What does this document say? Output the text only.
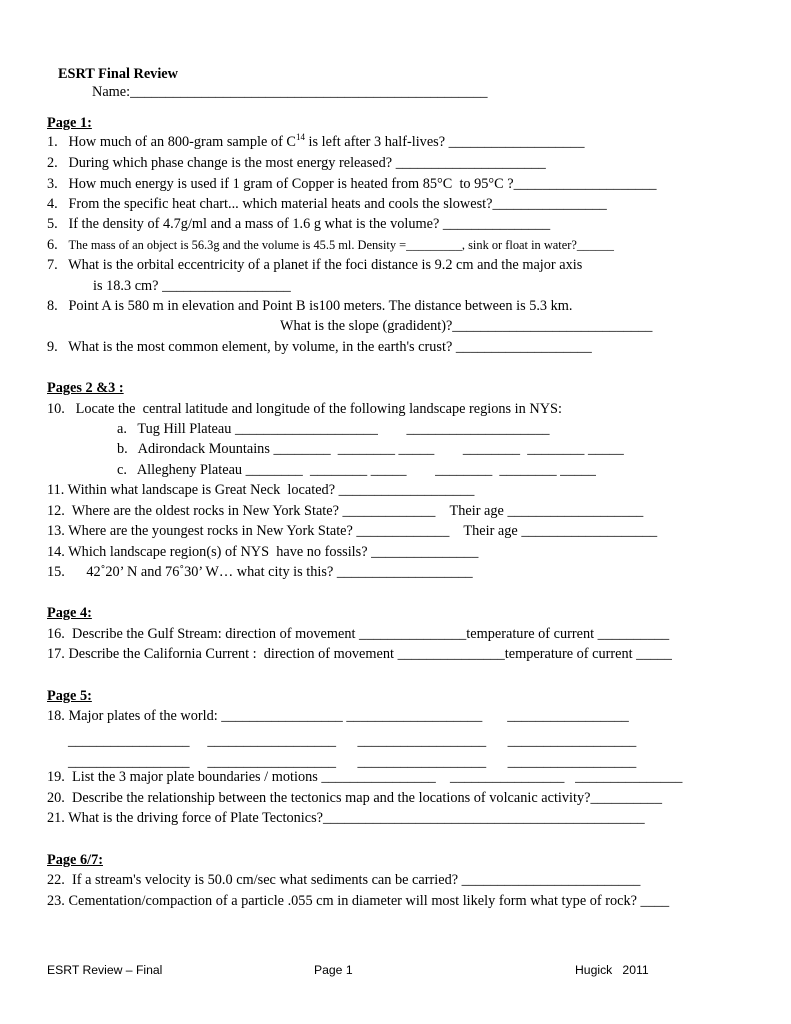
ESRT Final Review
Name:__________________________________________________
Page 1:
1.   How much of an 800-gram sample of $C^{14}$ is left after 3 half-lives? ___________________
2.   During which phase change is the most energy released? _____________________
3.   How much energy is used if 1 gram of Copper is heated from 85°C  to 95°C ?____________________
4.   From the specific heat chart... which material heats and cools the slowest?________________
5.   If the density of 4.7g/ml and a mass of 1.6 g what is the volume? _______________
6.   The mass of an object is 56.3g and the volume is 45.5 ml. Density =_________, sink or float in water?______
7.   What is the orbital eccentricity of a planet if the foci distance is 9.2 cm and the major axis
is 18.3 cm? __________________
8.   Point A is 580 m in elevation and Point B is100 meters. The distance between is 5.3 km.
What is the slope (gradident)?____________________________
9.   What is the most common element, by volume, in the earth's crust? ___________________
Pages 2 &3 :
10.   Locate the  central latitude and longitude of the following landscape regions in NYS:
a.   Tug Hill Plateau ____________________        ____________________
b.   Adirondack Mountains ________  ________ _____        ________  ________ _____
c.   Allegheny Plateau ________  ________ _____        ________  ________ _____
11. Within what landscape is Great Neck  located? ___________________
12.  Where are the oldest rocks in New York State? _____________    Their age ___________________
13. Where are the youngest rocks in New York State? _____________    Their age ___________________
14. Which landscape region(s) of NYS  have no fossils? _______________
15.      42˚20’ N and 76˚30’ W… what city is this? ___________________
Page 4:
16.  Describe the Gulf Stream: direction of movement _______________temperature of current __________
17. Describe the California Current :  direction of movement _______________temperature of current _____
Page 5:
18. Major plates of the world: _________________ ___________________       _________________
_________________     __________________      __________________      __________________
_________________     __________________      __________________      __________________
19.  List the 3 major plate boundaries / motions ________________    ________________   _______________
20.  Describe the relationship between the tectonics map and the locations of volcanic activity?__________
21. What is the driving force of Plate Tectonics?_____________________________________________
Page 6/7:
22.  If a stream's velocity is 50.0 cm/sec what sediments can be carried? _________________________
23. Cementation/compaction of a particle .055 cm in diameter will most likely form what type of rock? ____
ESRT Review – Final	Page 1	Hugick   2011
